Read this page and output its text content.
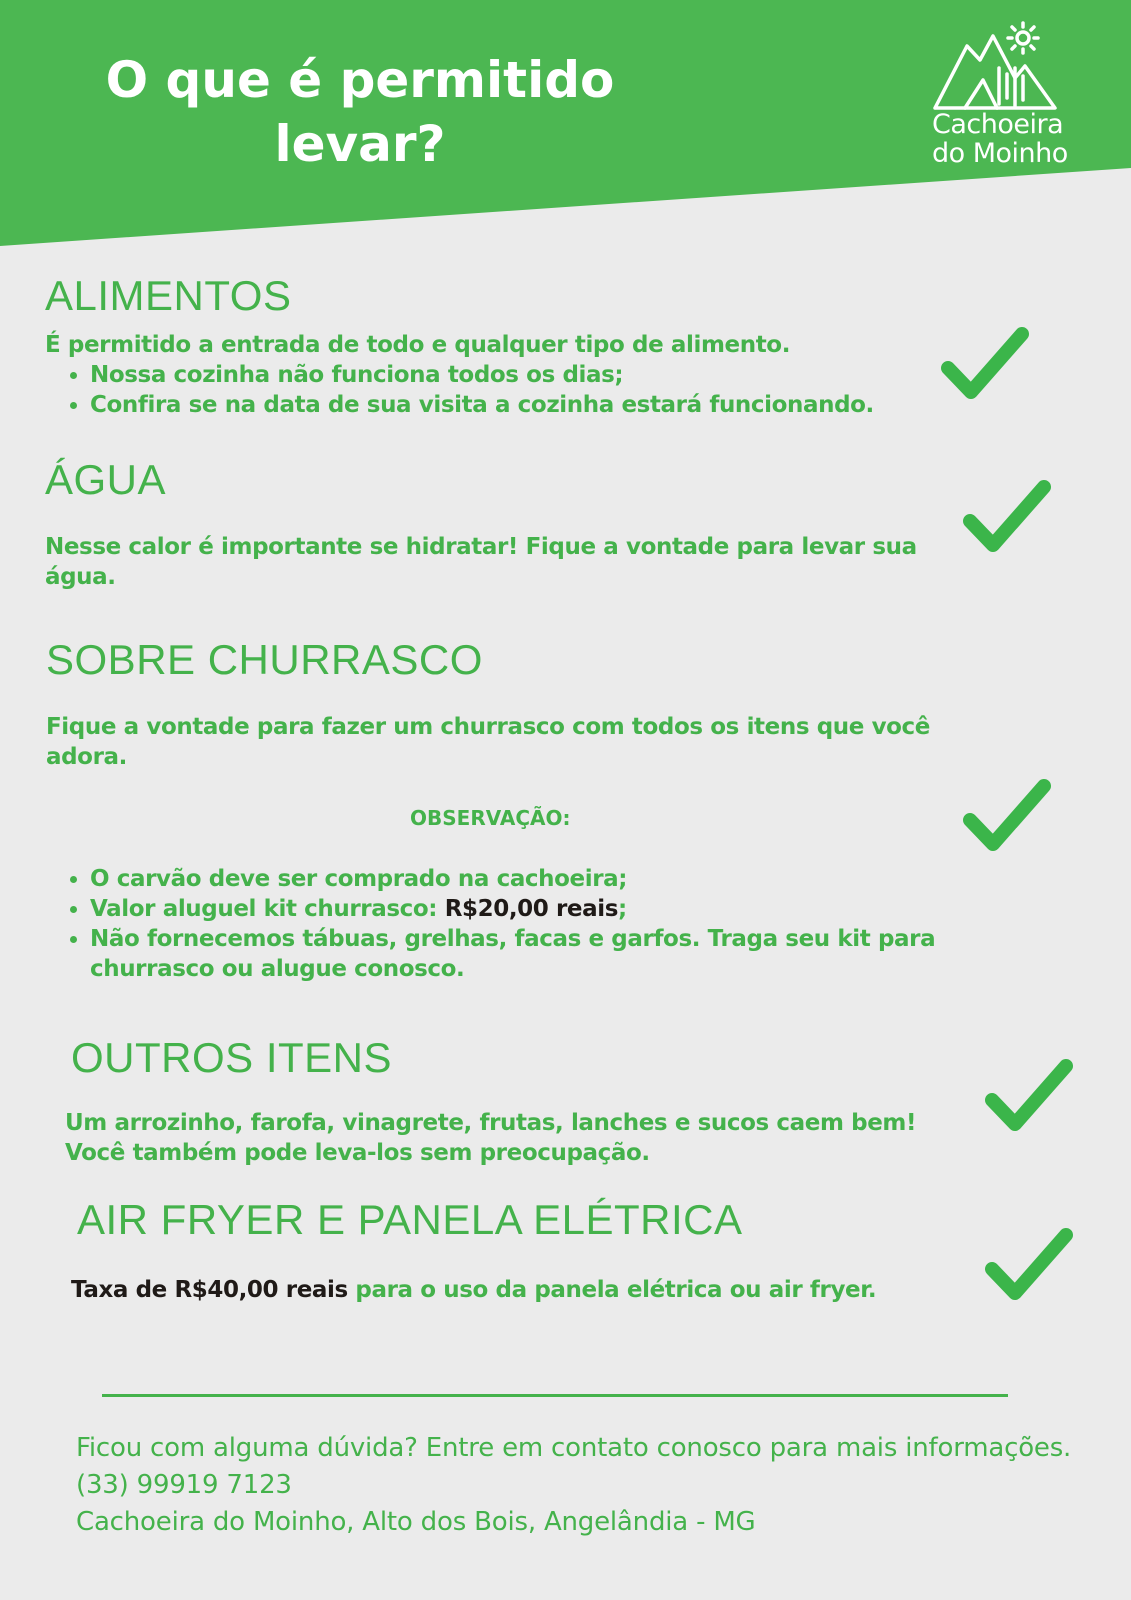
O que é permitido
levar?	Cachoeira
do Moinho
ALIMENTOS

É permitido a entrada de todo e qualquer tipo de alimento.

• Nossa cozinha não funciona todos os dias;
• Confira se na data de sua visita a cozinha estará funcionando.
ÁGUA

Nesse calor é importante se hidratar! Fique a vontade para levar sua
água.

SOBRE CHURRASCO

Fique a vontade para fazer um churrasco com todos os itens que você
adora.

OBSERVAÇÃO:
• O carvão deve ser comprado na cachoeira;
• Valor aluguel kit churrasco: R$20,00 reais;
• Não fornecemos tábuas, grelhas, facas e garfos. Traga seu kit para
churrasco ou alugue conosco.
OUTROS ITENS

Um arrozinho, farofa, vinagrete, frutas, lanches e sucos caem bem!
Você também pode leva-los sem preocupação.

AIR FRYER E PANELA ELÉTRICA

Taxa de R$40,00 reais para o uso da panela elétrica ou air fryer.

Ficou com alguma dúvida? Entre em contato conosco para mais informações.
(33) 99919 7123
Cachoeira do Moinho, Alto dos Bois, Angelândia - MG
